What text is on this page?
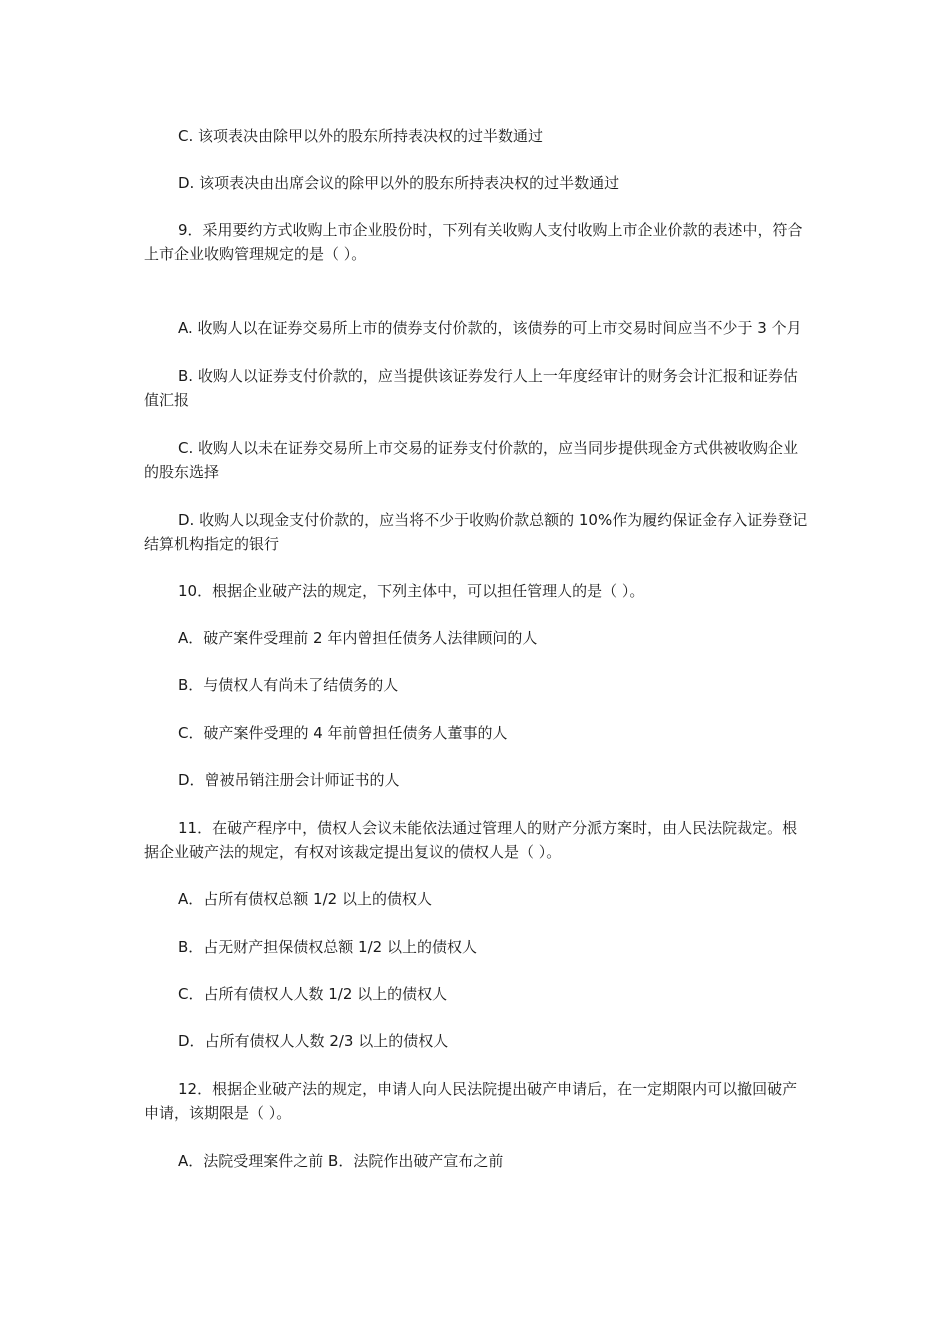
C. 该项表决由除甲以外的股东所持表决权的过半数通过

D. 该项表决由出席会议的除甲以外的股东所持表决权的过半数通过

9．采用要约方式收购上市企业股份时，下列有关收购人支付收购上市企业价款的表述中，符合上市企业收购管理规定的是（ ）。

A. 收购人以在证券交易所上市的债券支付价款的，该债券的可上市交易时间应当不少于 3 个月

B. 收购人以证券支付价款的，应当提供该证券发行人上一年度经审计的财务会计汇报和证券估值汇报

C. 收购人以未在证券交易所上市交易的证券支付价款的，应当同步提供现金方式供被收购企业的股东选择

D. 收购人以现金支付价款的，应当将不少于收购价款总额的 10%作为履约保证金存入证券登记结算机构指定的银行

10．根据企业破产法的规定，下列主体中，可以担任管理人的是（ ）。

A．破产案件受理前 2 年内曾担任债务人法律顾问的人

B．与债权人有尚未了结债务的人

C．破产案件受理的 4 年前曾担任债务人董事的人

D．曾被吊销注册会计师证书的人

11．在破产程序中，债权人会议未能依法通过管理人的财产分派方案时，由人民法院裁定。根据企业破产法的规定，有权对该裁定提出复议的债权人是（ ）。

A．占所有债权总额 1/2 以上的债权人

B．占无财产担保债权总额 1/2 以上的债权人

C．占所有债权人人数 1/2 以上的债权人

D．占所有债权人人数 2/3 以上的债权人

12．根据企业破产法的规定，申请人向人民法院提出破产申请后，在一定期限内可以撤回破产申请，该期限是（ ）。

A．法院受理案件之前 B．法院作出破产宣布之前
